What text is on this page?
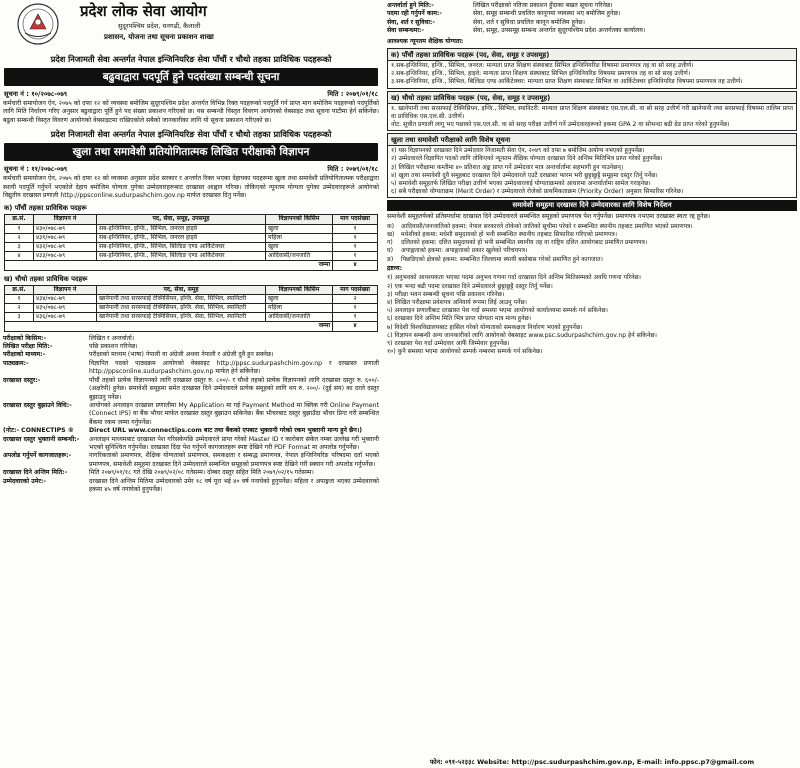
प्रदेश लोक सेवा आयोग
सुदूरपश्चिम प्रदेश, धनगढी, कैलाली
प्रशासन, योजना तथा सूचना प्रकाशन शाखा
प्रदेश निजामती सेवा अन्तर्गत नेपाल इन्जिनियरिङ सेवा पाँचौं र चौथो तहका प्राविधिक पदहरूको
बढुवाद्वारा पदपूर्ति हुने पदसंख्या सम्बन्धी सूचना
सूचना नं : १०/२०७८-०७९	मिति : २०७९/०१/१८

कर्मचारी समायोजन ऐन, २०७५ को दफा १२ को व्यवस्था बमोजिम सुदूरपश्चिम प्रदेश अन्तर्गत विभिन्न रिक्त पदहरूको पदपूर्ति गर्न प्राप्त माग बमोजिम पदहरूको पदपूर्तिको लागि मिति निर्धारण गरिए अनुसार बढुवाद्वारा पूर्ति हुने पद संख्या प्रकाशन गरिएको छ। यस सम्बन्धी विस्तृत विवरण आयोगको वेबसाइट तथा सूचना पाटीमा हेर्न सकिनेछ। बढुवा सम्बन्धी विस्तृत विवरण आयोगको वेबसाइटमा राखिएकोले सबैको जानकारीका लागि यो सूचना प्रकाशन गरिएको छ।

प्रदेश निजामती सेवा अन्तर्गत नेपाल इन्जिनियरिङ सेवा पाँचौं र चौथो तहका प्राविधिक पदहरूको
खुला तथा समावेशी प्रतियोगितात्मक लिखित परीक्षाको विज्ञापन
सूचना नं : ११/२०७८-०७९	मिति : २०७९/०१/१८

कर्मचारी समायोजन ऐन, २०७५ को दफा १२ को व्यवस्था अनुसार प्रदेश सरकार र अन्तर्गत रिक्त भएका देहायका पदहरूमा खुला तथा समावेशी प्रतियोगितात्मक परीक्षाद्वारा स्थायी पदपूर्ति गर्नुपर्ने भएकोले देहाय बमोजिम योग्यता पुगेका उम्मेदवारहरूबाट दरखास्त आह्वान गरिन्छ। तोकिएको न्यूनतम योग्यता पुगेका उम्मेदवारहरूले आयोगको विद्युतीय दरखास्त प्रणाली http://ppsconline.sudurpashchim.gov.np मार्फत दरखास्त दिनु पर्नेछ।

क) पाँचौं तहका प्राविधिक पदहरू
क्र.सं.	विज्ञापन नं	पद, सेवा, समूह, उपसमूह	विज्ञापनको किसिम	माग पदसंख्या
१	४३०/०७८-७९	सब-इन्जिनियर, इन्जि., सिभिल, जनरल हाइवे	खुला	१
२	४३१/०७८-७९	सब-इन्जिनियर, इन्जि., सिभिल, जनरल हाइवे	महिला	१
३	४३२/०७८-७९	सब-इन्जिनियर, इन्जि., सिभिल, बिल्डिङ एण्ड आर्किटेक्चर	खुला	१
४	४३३/०७८-७९	सब-इन्जिनियर, इन्जि., सिभिल, बिल्डिङ एण्ड आर्किटेक्चर	आदिवासी/जनजाति	१
जम्मा				४
ख) चौथो तहका प्राविधिक पदहरू
क्र.सं.	विज्ञापन नं	पद, सेवा, समूह	विज्ञापनको किसिम	माग पदसंख्या
१	४३४/०७८-७९	खानेपानी तथा सरसफाई टेक्निसियन, इन्जि. सेवा, सिभिल, स्यानिटरी	खुला	२
२	४३५/०७८-७९	खानेपानी तथा सरसफाई टेक्निसियन, इन्जि. सेवा, सिभिल, स्यानिटरी	महिला	१
३	४३६/०७८-७९	खानेपानी तथा सरसफाई टेक्निसियन, इन्जि. सेवा, सिभिल, स्यानिटरी	आदिवासी/जनजाति	१
जम्मा				४
परीक्षाको किसिम:-	लिखित र अन्तर्वार्ता।
लिखित परीक्षा मिति:-	पछि प्रकाशन गरिनेछ।
परीक्षाको माध्यम:-	परीक्षाको माध्यम (भाषा) नेपाली वा अंग्रेजी अथवा नेपाली र अंग्रेजी दुवै हुन सक्नेछ।
पाठ्यक्रम:-	विज्ञापित पदको पाठ्यक्रम आयोगको वेबसाइट http://ppsc.sudurpashchim.gov.np र दरखास्त प्रणाली http://ppsconline.sudurpashchim.gov.np मार्फत हेर्न सकिनेछ।
दरखास्त दस्तुर:-	पाँचौं तहको प्रत्येक विज्ञापनको लागि दरखास्त दस्तुर रु. ८००/- र चौथो तहको प्रत्येक विज्ञापनको लागि दरखास्त दस्तुर रु. ६००/- (अक्षरेपी) हुनेछ। समावेशी समूहमा समेत दरखास्त दिने उम्मेदवारले प्रत्येक समूहको लागि थप रु. २००/- (दुई सय) का दरले दस्तुर बुझाउनु पर्नेछ।
दरखास्त दस्तुर बुझाउने विधि:-	आयोगको अनलाइन दरखास्त प्रणालीमा My Application मा गई Payment Method मा क्लिक गरी Online Payment (Connect IPS) वा बैंक भौचर मार्फत दरखास्त दस्तुर बुझाउन सकिनेछ। बैंक भौचरबाट दस्तुर बुझाउँदा भौचर प्रिन्ट गरी सम्बन्धित बैंकमा रकम जम्मा गर्नुपर्नेछ।
(नोट:- CONNECTIPS ®	Direct URL www.connectips.com बाट तथा बैंकको एपबाट भुक्तानी गरेको रकम भुक्तानी मान्य हुने छैन।)
दरखास्त दस्तुर भुक्तानी सम्बन्धी:-	अनलाइन माध्यमबाट दरखास्त पेश गरिसकेपछि उम्मेदवारले प्राप्त गरेको Master ID र कारोबार संकेत नम्बर उल्लेख गरी भुक्तानी भएको सुनिश्चित गर्नुपर्नेछ। दरखास्त दिंदा पेश गर्नुपर्ने कागजातहरू स्पष्ट देखिने गरी PDF Format मा अपलोड गर्नुपर्नेछ।
अपलोड गर्नुपर्ने कागजातहरू:-	नागरिकताको प्रमाणपत्र, शैक्षिक योग्यताको प्रमाणपत्र, समकक्षता र सम्बद्ध प्रमाणपत्र, नेपाल इन्जिनियरिङ परिषदमा दर्ता भएको प्रमाणपत्र, समावेशी समूहमा दरखास्त दिने उम्मेदवारले सम्बन्धित समूहको प्रमाणपत्र स्पष्ट देखिने गरी स्क्यान गरी अपलोड गर्नुपर्नेछ।
दरखास्त दिने अन्तिम मिति:-	मिति २०७९/०१/१८ गते देखि २०७९/०२/०८ गतेसम्म। दोब्बर दस्तुर सहित मिति २०७९/०२/१५ गतेसम्म।
उम्मेदवारको उमेर:-	दरखास्त दिने अन्तिम मितिमा उम्मेदवारको उमेर १८ वर्ष पूरा भई ४० वर्ष ननाघेको हुनुपर्नेछ। महिला र अपाङ्गता भएका उम्मेदवारको हकमा ४५ वर्ष ननाघेको हुनुपर्नेछ।
अन्तर्वार्ता हुने मिति:-	लिखित परीक्षाको नतिजा प्रकाशन हुँदाका बखत सूचना गरिनेछ।
पदमा रही गर्नुपर्ने काम:-	सेवा, समूह सम्बन्धी प्रचलित कानूनमा व्यवस्था भए बमोजिम हुनेछ।
सेवा, शर्त र सुविधा:-	सेवा, शर्त र सुविधा प्रचलित कानून बमोजिम हुनेछ।
सेवा सम्बन्धमा:-	सेवा, समूह, उपसमूह सम्बन्ध अन्तर्गत सुदूरपश्चिम प्रदेश अन्तर्गतका कार्यालय।
आवश्यक न्यूनतम शैक्षिक योग्यता:
क) पाँचौं तहका प्राविधिक पदहरू (पद, सेवा, समूह र उपसमूह)
१.सब-इन्जिनियर, इन्जि., सिभिल, जनरल: मान्यता प्राप्त शिक्षण संस्थाबाट सिभिल इन्जिनियरिङ विषयमा प्रमाणपत्र तह वा सो सरह उत्तीर्ण।
२.सब-इन्जिनियर, इन्जि., सिभिल, हाइवे: मान्यता प्राप्त शिक्षण संस्थाबाट सिभिल इन्जिनियरिङ विषयमा प्रमाणपत्र तह वा सो सरह उत्तीर्ण।
३.सब-इन्जिनियर, इन्जि., सिभिल, बिल्डिङ एण्ड आर्किटेक्चर: मान्यता प्राप्त शिक्षण संस्थाबाट सिभिल वा आर्किटेक्चर इन्जिनियरिङ विषयमा प्रमाणपत्र तह उत्तीर्ण।
ख) चौथो तहका प्राविधिक पदहरू (पद, सेवा, समूह र उपसमूह)
१. खानेपानी तथा सरसफाई टेक्निसियन, इन्जि., सिभिल, स्यानिटरी: मान्यता प्राप्त शिक्षण संस्थाबाट एस.एल.सी. वा सो सरह उत्तीर्ण गरी खानेपानी तथा सरसफाई विषयमा तालिम प्राप्त वा प्राविधिक एस.एल.सी. उत्तीर्ण।
नोट: सूचीत प्रणाली लागू भए पछाको एस.एल.सी. वा सो सरह परीक्षा उत्तीर्ण गर्ने उम्मेदवारहरूको हकमा GPA 2 वा सोभन्दा बढी ग्रेड प्राप्त गरेको हुनुपर्नेछ।
खुला तथा समावेशी परीक्षाको लागि विशेष सूचना
१) यस विज्ञापनको दरखास्त दिने उम्मेदवार निजामती सेवा ऐन, २०४९ को दफा ७ बमोजिम अयोग्य नभएको हुनुपर्नेछ।
२) उम्मेदवारले विज्ञापित पदको लागि तोकिएको न्यूनतम शैक्षिक योग्यता दरखास्त दिने अन्तिम मितिभित्र प्राप्त गरेको हुनुपर्नेछ।
३) लिखित परीक्षामा कम्तीमा ४० प्रतिशत अङ्क प्राप्त गर्ने उम्मेदवार मात्र अन्तर्वार्तामा सहभागी हुन पाउनेछन्।
४) खुला तथा समावेशी दुवै समूहबाट दरखास्त दिने उम्मेदवारले एउटै दरखास्त फारम भरी छुट्टाछुट्टै समूहमा दस्तुर तिर्नु पर्नेछ।
५) समावेशी समूहतर्फ लिखित परीक्षा उत्तीर्ण भएका उम्मेदवारलाई योग्यताक्रमको आधारमा अन्तर्वार्तामा सामेल गराइनेछ।
६) सबै परीक्षाको योग्यताक्रम (Merit Order) र उम्मेदवारले रोजेको प्राथमिकताक्रम (Priority Order) अनुसार सिफारिस गरिनेछ।
समावेशी समूहमा दरखास्त दिने उम्मेदवारका लागि विशेष निर्देशन

समावेशी समूहतर्फको प्रतिस्पर्धामा दरखास्त दिने उम्मेदवारले सम्बन्धित समूहको प्रमाणपत्र पेश गर्नुपर्नेछ। प्रमाणपत्र नभएमा दरखास्त स्वतः रद्द हुनेछ।

क)	आदिवासी/जनजातिको हकमा: नेपाल सरकारले तोकेको जातिको सूचीमा परेको र सम्बन्धित स्थानीय तहबाट प्रमाणित भएको प्रमाणपत्र।
ख)	मधेशीको हकमा: मधेशी समुदायको हो भनी सम्बन्धित स्थानीय तहबाट सिफारिस गरिएको प्रमाणपत्र।
ग)	दलितको हकमा: दलित समुदायको हो भनी सम्बन्धित स्थानीय तह वा राष्ट्रिय दलित आयोगबाट प्रमाणित प्रमाणपत्र।
घ)	अपाङ्गताको हकमा: अपाङ्गताको प्रकार खुलेको परिचयपत्र।
ङ)	पिछडिएको क्षेत्रको हकमा: सम्बन्धित जिल्लामा स्थायी बसोबास गरेको प्रमाणित हुने कागजात।
द्रष्टव्य:
१) अनुभवको आवश्यकता भएका पदमा अनुभव गणना गर्दा दरखास्त दिने अन्तिम मितिसम्मको अवधि गणना गरिनेछ।
२) एक भन्दा बढी पदमा दरखास्त दिने उम्मेदवारले छुट्टाछुट्टै दस्तुर तिर्नु पर्नेछ।
३) परीक्षा भवन सम्बन्धी सूचना पछि प्रकाशन गरिनेछ।
४) लिखित परीक्षामा प्रवेशपत्र अनिवार्य रूपमा लिई आउनु पर्नेछ।
५) अनलाइन प्रणालीबाट दरखास्त पेश गर्दा समस्या भएमा आयोगको कार्यालयमा सम्पर्क गर्न सकिनेछ।
६) दरखास्त दिने अन्तिम मिति भित्र प्राप्त योग्यता मात्र मान्य हुनेछ।
७) विदेशी विश्वविद्यालयबाट हासिल गरेको योग्यताको समकक्षता निर्धारण भएको हुनुपर्नेछ।
८) विज्ञापन सम्बन्धी अन्य जानकारीको लागि आयोगको वेबसाइट www.psc.sudurpashchim.gov.np हेर्न सकिनेछ।
९) दरखास्त पेश गर्दा उम्मेदवार आफैँ जिम्मेवार हुनुपर्नेछ।
१०) कुनै समस्या भएमा आयोगको सम्पर्क नम्बरमा सम्पर्क गर्न सकिनेछ।
फोन: ०९१-५२३३८ Website: http://psc.sudurpashchim.gov.np, E-mail: info.ppsc.p7@gmail.com
